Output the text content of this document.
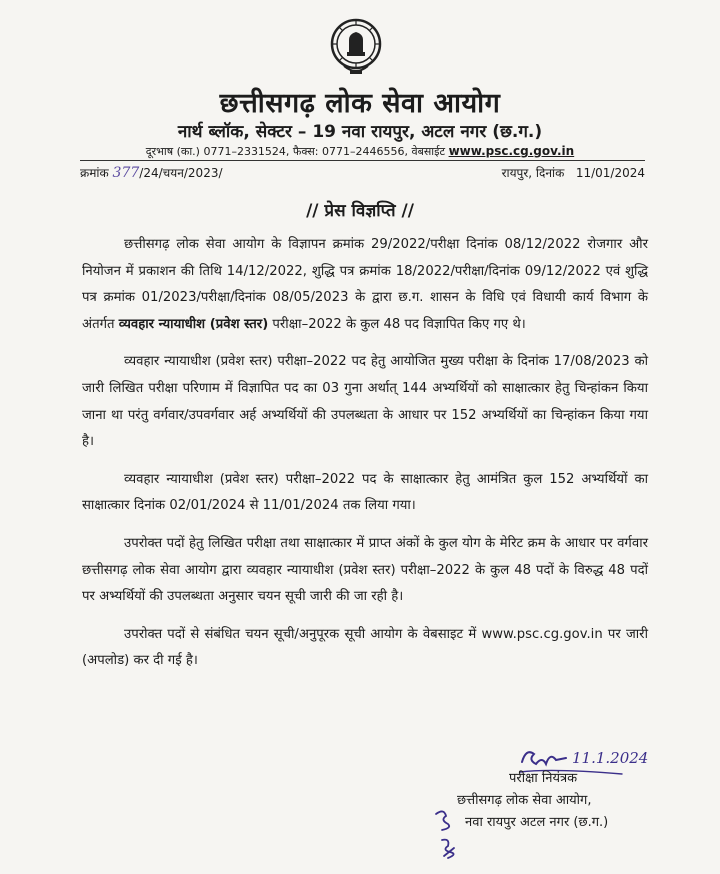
छत्तीसगढ़ लोक सेवा आयोग
नार्थ ब्लॉक, सेक्टर – 19 नवा रायपुर, अटल नगर (छ.ग.)
दूरभाष (का.) 0771–2331524, फैक्स: 0771–2446556, वेबसाईट www.psc.cg.gov.in
क्रमांक 377/24/चयन/2023/	रायपुर, दिनांक 11/01/2024
// प्रेस विज्ञप्ति //

छत्तीसगढ़ लोक सेवा आयोग के विज्ञापन क्रमांक 29/2022/परीक्षा दिनांक 08/12/2022 रोजगार और नियोजन में प्रकाशन की तिथि 14/12/2022, शुद्धि पत्र क्रमांक 18/2022/परीक्षा/दिनांक 09/12/2022 एवं शुद्धि पत्र क्रमांक 01/2023/परीक्षा/दिनांक 08/05/2023 के द्वारा छ.ग. शासन के विधि एवं विधायी कार्य विभाग के अंतर्गत व्यवहार न्यायाधीश (प्रवेश स्तर) परीक्षा–2022 के कुल 48 पद विज्ञापित किए गए थे।

व्यवहार न्यायाधीश (प्रवेश स्तर) परीक्षा–2022 पद हेतु आयोजित मुख्य परीक्षा के दिनांक 17/08/2023 को जारी लिखित परीक्षा परिणाम में विज्ञापित पद का 03 गुना अर्थात् 144 अभ्यर्थियों को साक्षात्कार हेतु चिन्हांकन किया जाना था परंतु वर्गवार/उपवर्गवार अर्ह अभ्यर्थियों की उपलब्धता के आधार पर 152 अभ्यर्थियों का चिन्हांकन किया गया है।

व्यवहार न्यायाधीश (प्रवेश स्तर) परीक्षा–2022 पद के साक्षात्कार हेतु आमंत्रित कुल 152 अभ्यर्थियों का साक्षात्कार दिनांक 02/01/2024 से 11/01/2024 तक लिया गया।

उपरोक्त पदों हेतु लिखित परीक्षा तथा साक्षात्कार में प्राप्त अंकों के कुल योग के मेरिट क्रम के आधार पर वर्गवार छत्तीसगढ़ लोक सेवा आयोग द्वारा व्यवहार न्यायाधीश (प्रवेश स्तर) परीक्षा–2022 के कुल 48 पदों के विरुद्ध 48 पदों पर अभ्यर्थियों की उपलब्धता अनुसार चयन सूची जारी की जा रही है।

उपरोक्त पदों से संबंधित चयन सूची/अनुपूरक सूची आयोग के वेबसाइट में www.psc.cg.gov.in पर जारी (अपलोड) कर दी गई है।

11.1.2024
परीक्षा नियंत्रक
छत्तीसगढ़ लोक सेवा आयोग,
नवा रायपुर अटल नगर (छ.ग.)
